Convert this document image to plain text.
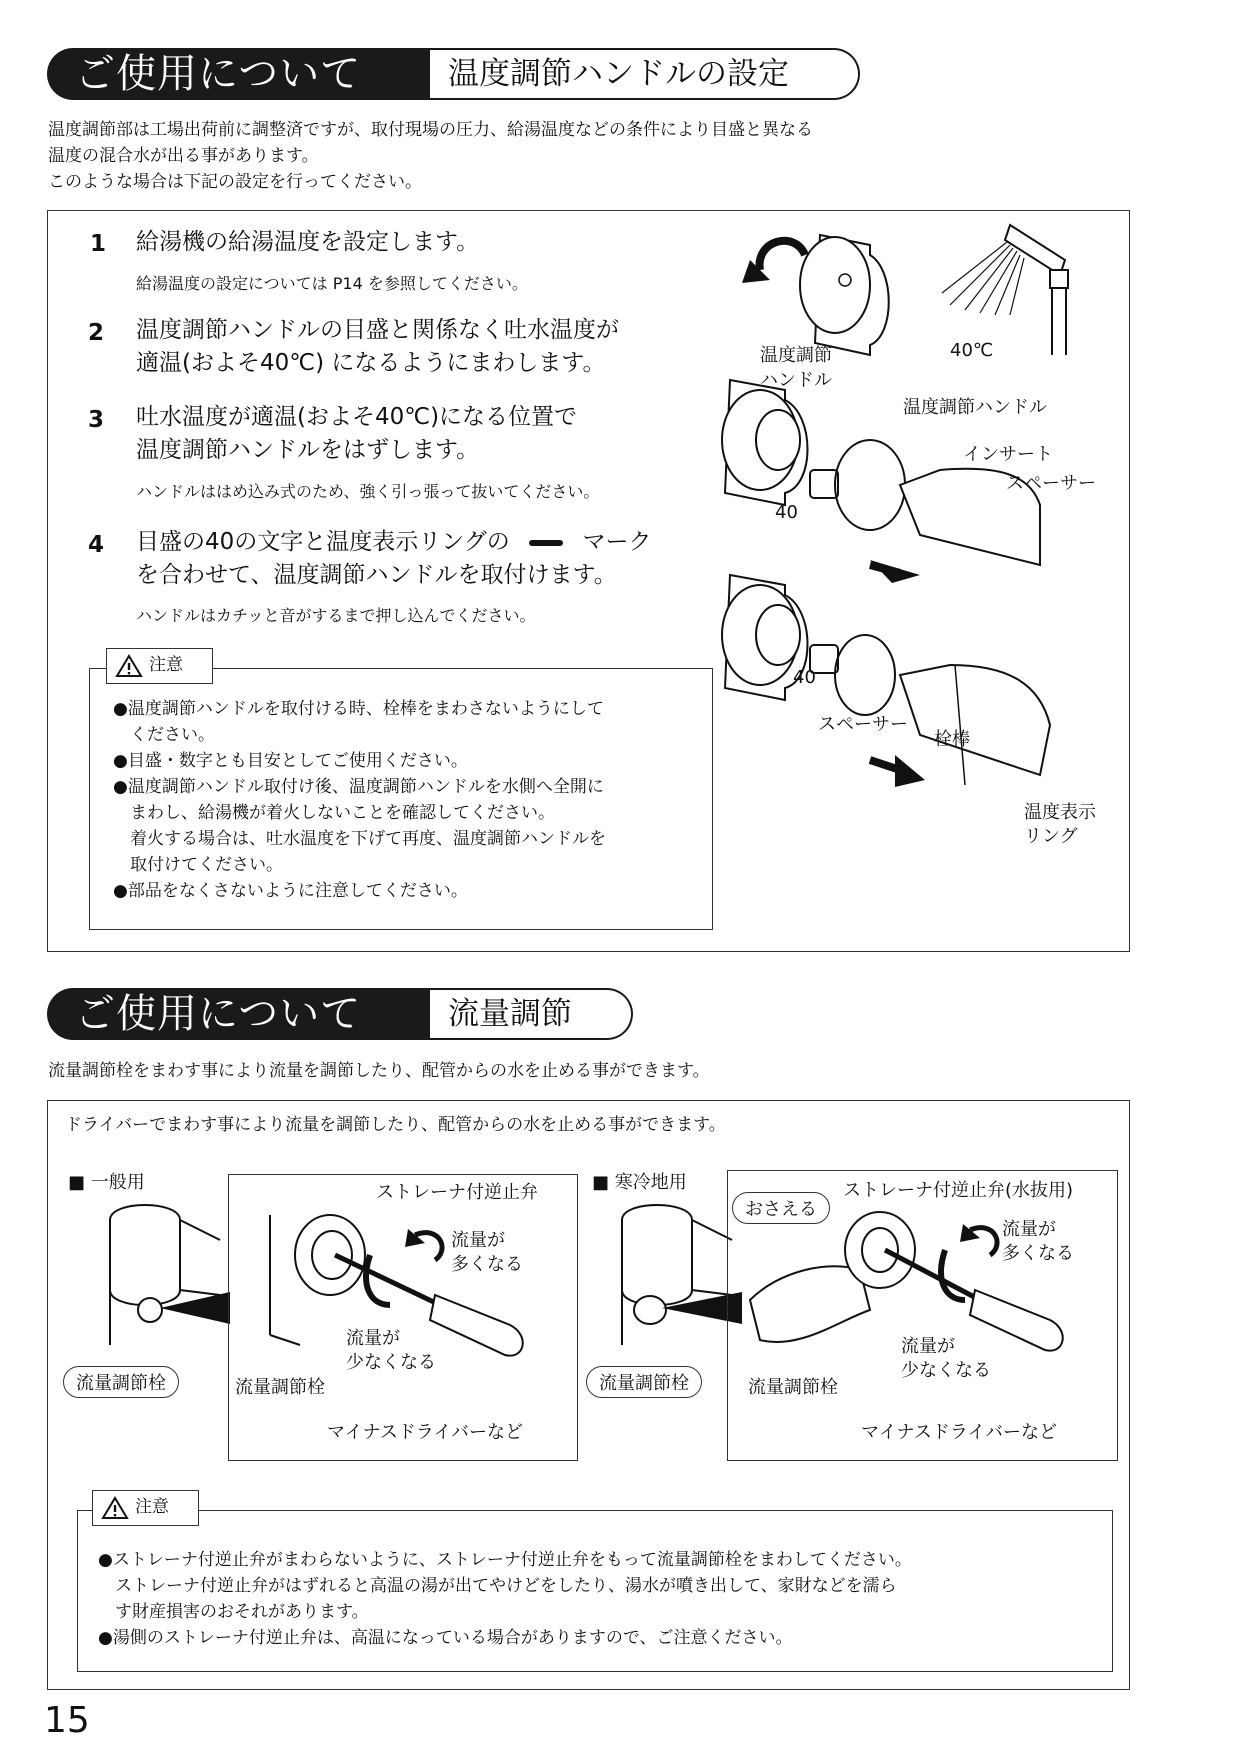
ご使用について	温度調節ハンドルの設定
温度調節部は工場出荷前に調整済ですが、取付現場の圧力、給湯温度などの条件により目盛と異なる
温度の混合水が出る事があります。
このような場合は下記の設定を行ってください。
1 給湯機の給湯温度を設定します。
給湯温度の設定については P14 を参照してください。
2 温度調節ハンドルの目盛と関係なく吐水温度が
適温(およそ40℃) になるようにまわします。
3 吐水温度が適温(およそ40℃)になる位置で
温度調節ハンドルをはずします。
ハンドルははめ込み式のため、強く引っ張って抜いてください。
4 目盛の40の文字と温度表示リングの	マーク
を合わせて、温度調節ハンドルを取付けます。
ハンドルはカチッと音がするまで押し込んでください。
注意
●温度調節ハンドルを取付ける時、栓棒をまわさないようにして
　ください。
●目盛・数字とも目安としてご使用ください。
●温度調節ハンドル取付け後、温度調節ハンドルを水側へ全開に
　まわし、給湯機が着火しないことを確認してください。
　着火する場合は、吐水温度を下げて再度、温度調節ハンドルを
　取付けてください。
●部品をなくさないように注意してください。
温度調節
ハンドル
40℃
温度調節ハンドル
インサート
スペーサー
40
40
スペーサー
栓棒
温度表示
リング
ご使用について	流量調節
流量調節栓をまわす事により流量を調節したり、配管からの水を止める事ができます。
ドライバーでまわす事により流量を調節したり、配管からの水を止める事ができます。
■ 一般用
流量調節栓
ストレーナ付逆止弁
流量が
多くなる
流量が
少なくなる
流量調節栓
マイナスドライバーなど
■ 寒冷地用
流量調節栓
おさえる
ストレーナ付逆止弁(水抜用)
流量が
多くなる
流量が
少なくなる
流量調節栓
マイナスドライバーなど
注意
●ストレーナ付逆止弁がまわらないように、ストレーナ付逆止弁をもって流量調節栓をまわしてください。
　ストレーナ付逆止弁がはずれると高温の湯が出てやけどをしたり、湯水が噴き出して、家財などを濡ら
　す財産損害のおそれがあります。
●湯側のストレーナ付逆止弁は、高温になっている場合がありますので、ご注意ください。
15
